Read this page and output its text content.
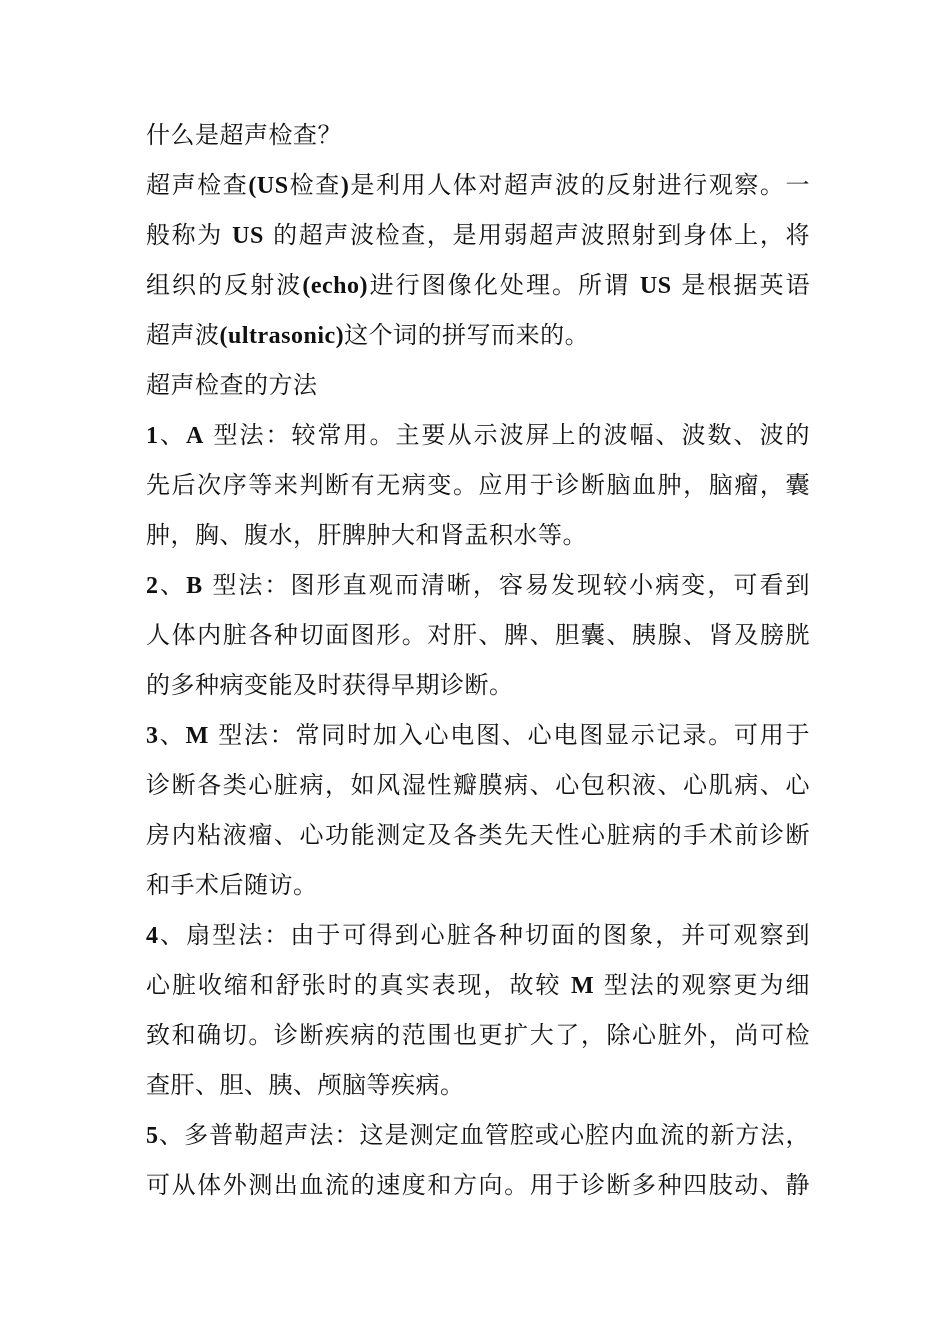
什么是超声检查？
超声检查(US检查)是利用人体对超声波的反射进行观察。一
般称为 US 的超声波检查，是用弱超声波照射到身体上，将
组织的反射波(echo)进行图像化处理。所谓 US 是根据英语
超声波(ultrasonic)这个词的拼写而来的。
超声检查的方法
1、A 型法：较常用。主要从示波屏上的波幅、波数、波的
先后次序等来判断有无病变。应用于诊断脑血肿，脑瘤，囊
肿，胸、腹水，肝脾肿大和肾盂积水等。
2、B 型法：图形直观而清晰，容易发现较小病变，可看到
人体内脏各种切面图形。对肝、脾、胆囊、胰腺、肾及膀胱
的多种病变能及时获得早期诊断。
3、M 型法：常同时加入心电图、心电图显示记录。可用于
诊断各类心脏病，如风湿性瓣膜病、心包积液、心肌病、心
房内粘液瘤、心功能测定及各类先天性心脏病的手术前诊断
和手术后随访。
4、扇型法：由于可得到心脏各种切面的图象，并可观察到
心脏收缩和舒张时的真实表现，故较 M 型法的观察更为细
致和确切。诊断疾病的范围也更扩大了，除心脏外，尚可检
查肝、胆、胰、颅脑等疾病。
5、多普勒超声法：这是测定血管腔或心腔内血流的新方法，
可从体外测出血流的速度和方向。用于诊断多种四肢动、静
